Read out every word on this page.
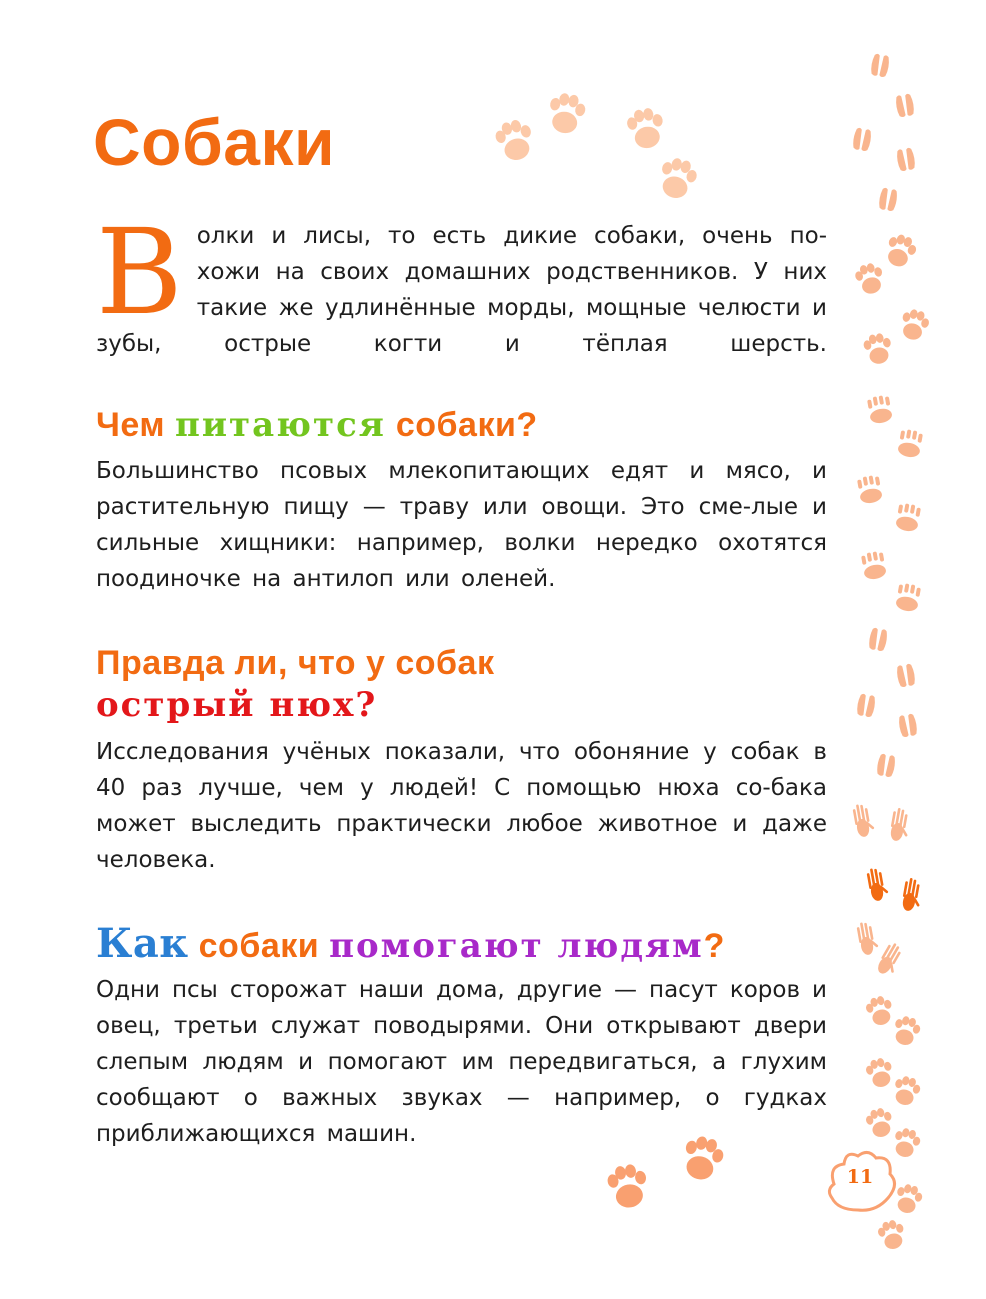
Собаки

Волки и лисы, то есть дикие собаки, очень по-хожи на своих домашних родственников. У них такие же удлинённые морды, мощные челюсти и зубы, острые когти и тёплая шерсть.

Чем питаются собаки?

Большинство псовых млекопитающих едят и мясо, и растительную пищу — траву или овощи. Это сме-лые и сильные хищники: например, волки нередко охотятся поодиночке на антилоп или оленей.

Правда ли, что у собак
острый нюх?

Исследования учёных показали, что обоняние у собак в 40 раз лучше, чем у людей! С помощью нюха со-бака может выследить практически любое животное и даже человека.

Как собаки помогают людям?

Одни псы сторожат наши дома, другие — пасут коров и овец, третьи служат поводырями. Они открывают двери слепым людям и помогают им передвигаться, а глухим сообщают о важных звуках — например, о гудках приближающихся машин.

11
